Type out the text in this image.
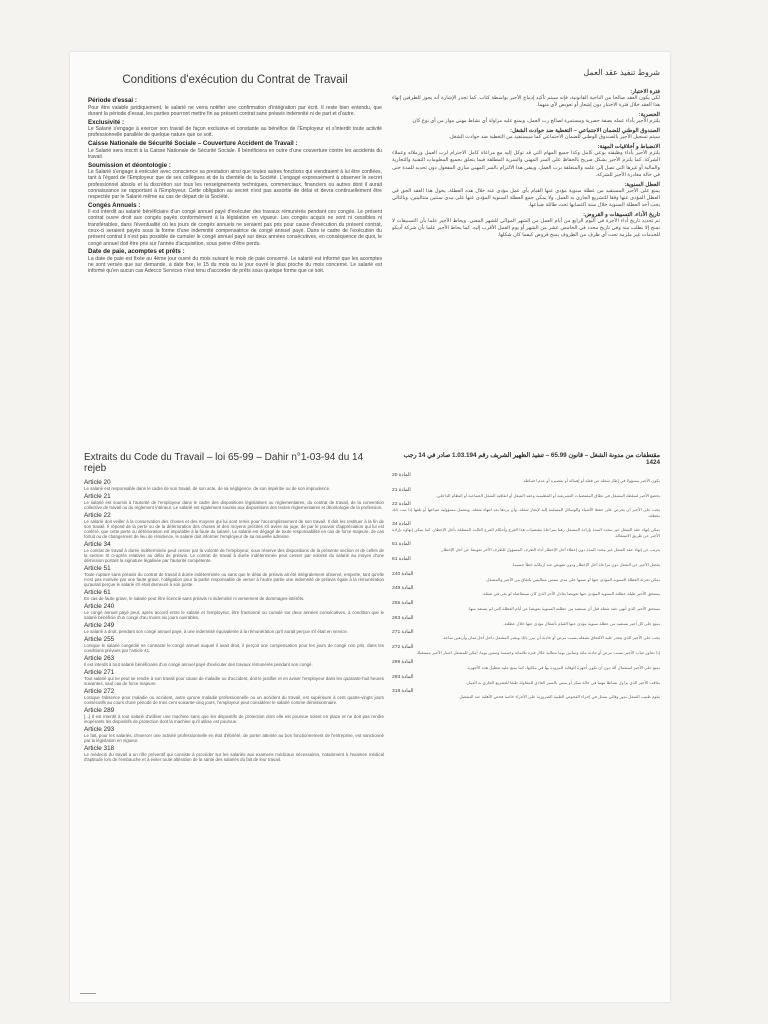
Conditions d'exécution du Contrat de Travail
شروط تنفيذ عقد العمل
Période d'essai :
Pour être valable juridiquement, le salarié ne verra notifier une confirmation d'intégration par écrit. Il reste bien entendu, que durant la période d'essai, les parties pourront mettre fin au présent contrat sans préavis indemnité ni de part et d'autre.
Exclusivité :
Le Salarié s'engage à exercer son travail de façon exclusive et constante au bénéfice de l'Employeur et s'interdit toute activité professionnelle parallèle de quelque nature que ce soit.
Caisse Nationale de Sécurité Sociale – Couverture Accident de Travail :
Le Salarié sera inscrit à la Caisse Nationale de Sécurité Sociale. Il bénéficiera en outre d'une couverture contre les accidents du travail.
Soumission et déontologie :
Le Salarié s'engage à exécuter avec conscience sa prestation ainsi que toutes autres fonctions qui viendraient à lui être confiées, tant à l'égard de l'Employeur que de ses collègues et de la clientèle de la Société. L'engagé expressément à observer le secret professionnel absolu et la discrétion sur tous les renseignements techniques, commerciaux, financiers ou autres dont il aurait connaissance se rapportant à l'Employeur. Cette obligation au secret n'est pas assortie de délai et devra continuellement être respectée par le Salarié même au cas de départ de la Société.
Congés Annuels :
Il est interdit au salarié bénéficiaire d'un congé annuel payé d'exécuter des travaux rémunérés pendant ces congés. Le présent contrat ouvre droit aux congés payés conformément à la législation en vigueur. Les congés acquis ne sont ni cessibles ni transférables, dans l'éventualité où les jours de congés annuels ne seraient pas pris pour cause d'exécution du présent contrat, ceux-ci seraient payés sous la forme d'une indemnité compensatrice de congé annuel payé. Dans le cadre de l'exécution du présent contrat il n'est pas possible de cumuler le congé annuel payé sur deux années consécutives, en conséquence de quoi, le congé annuel doit être pris sur l'année d'acquisition, sous peine d'être perdu.
Date de paie, acomptes et prêts :
La date de paie est fixée au 4ème jour ouvré du mois suivant le mois de paie concerné. Le salarié est informé que les acomptes ne sont versés que sur demande, à date fixe, le 15 du mois ou le jour ouvré le plus proche du mois concerné. Le salarié est informé qu'en aucun cas Adecco Services n'est tenu d'accorder de prêts sous quelque forme que ce soit.
فترة الاختبار:
لكي يكون العقد صالحا من الناحية القانونية، فإنه سيتم تأكيد إدماج الأجير بواسطة كتاب. كما تجدر الإشارة أنه يجوز للطرفين إنهاء هذا العقد خلال فترة الاختبار دون إشعار أو تعويض لأي منهما.
الحصرية:
يلتزم الأجير بأداء عمله بصفة حصرية ومستمرة لصالح رب العمل، ويمنع عليه مزاولة أي نشاط مهني مواز من أي نوع كان.
الصندوق الوطني للضمان الاجتماعي – التغطية ضد حوادث الشغل:
سيتم تسجيل الأجير بالصندوق الوطني للضمان الاجتماعي كما سيستفيد من التغطية ضد حوادث الشغل.
الانضباط و أخلاقيات المهنة:
يلتزم الأجير بأداء وظيفته بوعي كامل وكذا جميع المهام التي قد توكل إليه مع مراعاة كامل الاحترام لرب العمل وزملائه وعملاء الشركة. كما يلتزم الأجير بشكل صريح بالحفاظ على السر المهني والسرية المطلقة فيما يتعلق بجميع المعلومات التقنية والتجارية والمالية أو غيرها التي تصل إلى علمه والمتعلقة برب العمل. ويبقى هذا الالتزام بالسر المهني ساري المفعول دون تحديد للمدة حتى في حالة مغادرة الأجير للشركة.
العطل السنوية:
يمنع على الأجير المستفيد من عطلة سنوية مؤدى عنها القيام بأي عمل مؤدى عنه خلال هذه العطلة. يخول هذا العقد الحق في العطل المؤدى عنها وفقا للتشريع الجاري به العمل. ولا يمكن جمع العطلة السنوية المؤدى عنها على مدى سنتين متتاليتين، وبالتالي يجب أخذ العطلة السنوية خلال سنة اكتسابها تحت طائلة ضياعها.
تاريخ الأداء، التسبيقات و القروض:
تم تحديد تاريخ أداء الأجرة في اليوم الرابع من أيام العمل من الشهر الموالي للشهر المعني. ويحاط الأجير علما بأن التسبيقات لا تمنح إلا بطلب منه وفي تاريخ محدد في الخامس عشر من الشهر أو يوم العمل الأقرب إليه. كما يحاط الأجير علما بأن شركة أديكو للخدمات غير ملزمة تحت أي ظرف من الظروف بمنح قروض كيفما كان شكلها.
Extraits du Code du Travail – loi 65-99 – Dahir n°1-03-94 du 14 rejeb
Article 20
Le salarié est responsable dans le cadre de son travail, de son acte, de sa négligence, de son impéritie ou de son imprudence.
Article 21
Le salarié est soumis à l'autorité de l'employeur dans le cadre des dispositions législatives ou réglementaires, du contrat de travail, de la convention collective de travail ou du règlement intérieur. Le salarié est également soumis aux dispositions des textes réglementaires et déontologie de la profession.
Article 22
Le salarié doit veiller à la conservation des choses et des moyens qui lui sont remis pour l'accomplissement de son travail. Il doit les restituer à la fin de son travail. Il répond de la perte ou de la détérioration des choses et des moyens précités s'il avère au juge, de par le pouvoir d'appréciation qui lui est conféré, que cette perte ou détérioration est imputable à la faute du salarié. Le salarié est dégagé de toute responsabilité en cas de force majeure, de cas fortuit ou de changement de lieu de résidence, le salarié doit informer l'employeur de sa nouvelle adresse.
Article 34
Le contrat de travail à durée indéterminée peut cesser par la volonté de l'employeur, sous réserve des dispositions de la présente section et de celles de la section III ci-après relatives au délai de préavis. Le contrat de travail à durée indéterminée peut cesser par volonté du salarié au moyen d'une démission portant la signature légalisée par l'autorité compétente.
Article 51
Toute rupture sans préavis du contrat de travail à durée indéterminée ou sans que le délai de préavis ait été intégralement observé, emporte, tant qu'elle n'est pas motivée par une faute grave, l'obligation pour la partie responsable de verser à l'autre partie une indemnité de préavis égale à la rémunération qu'aurait perçue le salarié s'il était demeuré à son poste.
Article 61
En cas de faute grave, le salarié peut être licencié sans préavis ni indemnité ni versement de dommages-intérêts.
Article 240
Le congé annuel payé peut, après accord entre le salarié et l'employeur, être fractionné ou cumulé sur deux années consécutives, à condition que le salarié bénéficie d'un congé d'au moins six jours ouvrables.
Article 249
Le salarié a droit, pendant son congé annuel payé, à une indemnité équivalente à la rémunération qu'il aurait perçue s'il était en service.
Article 255
Lorsque le salarié congédié ne contracte le congé annuel auquel il avait droit, il perçoit une compensation pour les jours de congé non pris, dans les conditions prévues par l'article 41.
Article 263
Il est interdit à tout salarié bénéficiaire d'un congé annuel payé d'exécuter des travaux rémunérés pendant son congé.
Article 271
Tout salarié qui ne peut se rendre à son travail pour cause de maladie ou d'accident, doit le justifier et en aviser l'employeur dans les quarante-huit heures suivantes, sauf cas de force majeure.
Article 272
Lorsque l'absence pour maladie ou accident, autre qu'une maladie professionnelle ou un accident du travail, est supérieure à cent quatre-vingts jours consécutifs au cours d'une période de trois cent soixante-cinq jours, l'employeur peut considérer le salarié comme démissionnaire.
Article 289
[...] Il est interdit à tout salarié d'utiliser une machine sans que les dispositifs de protection dont elle est pourvue soient en place et ne doit pas rendre inopérants les dispositifs de protection dont la machine qu'il utilise est pourvue.
Article 293
Le fait, pour les salariés, d'exercer une activité professionnelle en état d'ébriété, de porter atteinte au bon fonctionnement de l'entreprise, est sanctionné par la législation en vigueur.
Article 318
Le médecin du travail a un rôle préventif qui consiste à procéder sur les salariés aux examens médicaux nécessaires, notamment à l'examen médical d'aptitude lors de l'embauche et à éviter toute altération de la santé des salariés du fait de leur travail.
مقتطفات من مدونة الشغل – قانون 65.99 – تنفيذ الظهير الشريف رقم 1.03.194 صادر في 14 رجب 1424
المادة 20
يكون الأجير مسؤولا في إطار شغله عن فعله أو إهماله أو تقصيره أو عدم احتياطه.
المادة 21
يخضع الأجير لسلطة المشغل في نطاق المقتضيات التشريعية أو التنظيمية وعقد الشغل أو اتفاقية الشغل الجماعية أو النظام الداخلي.
المادة 22
يجب على الأجير أن يحرص على حفظ الأشياء والوسائل المسلمة إليه لإنجاز شغله، وأن يردها بعد انتهاء شغله، ويتحمل مسؤولية ضياعها أو تلفها إذا ثبت ذلك بخطئه.
المادة 34
يمكن إنهاء عقد الشغل غير محدد المدة بإرادة المشغل رهنا بمراعاة مقتضيات هذا الفرع وأحكام الفرع الثالث المتعلقة بأجل الإخطار، كما يمكن إنهاؤه بإرادة الأجير عن طريق الاستقالة.
المادة 51
يترتب عن إنهاء عقد الشغل غير محدد المدة دون إعطاء أجل الإخطار أداء الطرف المسؤول للطرف الآخر تعويضا عن أجل الإخطار.
المادة 61
يفصل الأجير عن الشغل دون مراعاة أجل الإخطار ودون تعويض عند ارتكابه خطأ جسيما.
المادة 240
يمكن تجزئة العطلة السنوية المؤدى عنها أو ضمها على مدى سنتين متتاليتين باتفاق بين الأجير والمشغل.
المادة 249
يستحق الأجير طيلة عطلته السنوية المؤدى عنها تعويضا يعادل الأجر الذي كان سيتقاضاه لو بقي في شغله.
المادة 255
يستحق الأجير الذي أنهي عقد شغله قبل أن يستفيد من عطلته السنوية تعويضا عن أيام العطلة التي لم يستفد منها.
المادة 263
يمنع على كل أجير يستفيد من عطلة سنوية مؤدى عنها القيام بأشغال مؤدى عنها خلال عطلته.
المادة 271
يجب على الأجير الذي يتعذر عليه الالتحاق بشغله بسبب مرض أو حادثة أن يبرر ذلك ويخبر المشغل داخل أجل ثمان وأربعين ساعة.
المادة 272
إذا تجاوز غياب الأجير بسبب مرض أو حادثة مائة وثمانين يوما متتالية خلال فترة ثلاثمائة وخمسة وستين يوما، أمكن للمشغل اعتبار الأجير مستقيلا.
المادة 289
يمنع على الأجير استعمال آلة دون أن تكون أجهزة الوقاية المزودة بها في مكانها، كما يمنع عليه تعطيل هذه الأجهزة.
المادة 293
يعاقب الأجير الذي يزاول نشاطا مهنيا في حالة سكر أو يمس بالسير العادي للمقاولة طبقا للتشريع الجاري به العمل.
المادة 318
يقوم طبيب الشغل بدور وقائي يتمثل في إجراء الفحوص الطبية الضرورية على الأجراء خاصة فحص الأهلية عند التشغيل.
